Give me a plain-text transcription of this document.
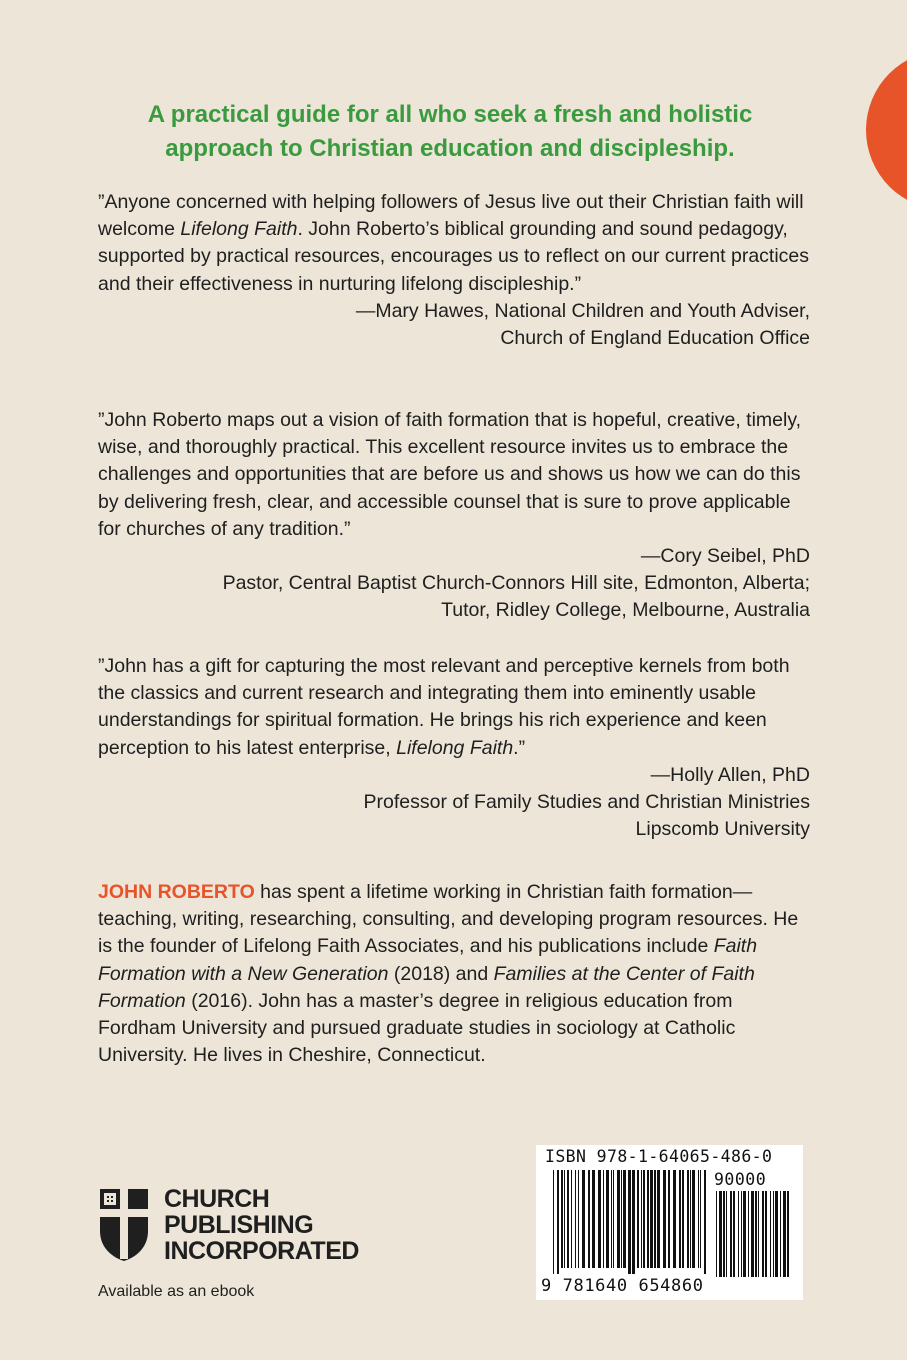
A practical guide for all who seek a fresh and holistic
approach to Christian education and discipleship.

”Anyone concerned with helping followers of Jesus live out their Christian faith will welcome Lifelong Faith. John Roberto’s biblical grounding and sound pedagogy, supported by practical resources, encourages us to reflect on our current practices and their effectiveness in nurturing lifelong discipleship.”

—Mary Hawes, National Children and Youth Adviser,
Church of England Education Office

”John Roberto maps out a vision of faith formation that is hopeful, creative, timely, wise, and thoroughly practical. This excellent resource invites us to embrace the challenges and opportunities that are before us and shows us how we can do this by delivering fresh, clear, and accessible counsel that is sure to prove applicable for churches of any tradition.”

—Cory Seibel, PhD
Pastor, Central Baptist Church-Connors Hill site, Edmonton, Alberta;
Tutor, Ridley College, Melbourne, Australia

”John has a gift for capturing the most relevant and perceptive kernels from both the classics and current research and integrating them into eminently usable understandings for spiritual formation. He brings his rich experience and keen perception to his latest enterprise, Lifelong Faith.”

—Holly Allen, PhD
Professor of Family Studies and Christian Ministries
Lipscomb University
JOHN ROBERTO has spent a lifetime working in Christian faith formation—teaching, writing, researching, consulting, and developing program resources. He is the founder of Lifelong Faith Associates, and his publications include Faith Formation with a New Generation (2018) and Families at the Center of Faith Formation (2016). John has a master’s degree in religious education from Fordham University and pursued graduate studies in sociology at Catholic University. He lives in Cheshire, Connecticut.
CHURCH
PUBLISHING
INCORPORATED
Available as an ebook
ISBN 978-1-64065-486-0
90000
9 781640 654860
